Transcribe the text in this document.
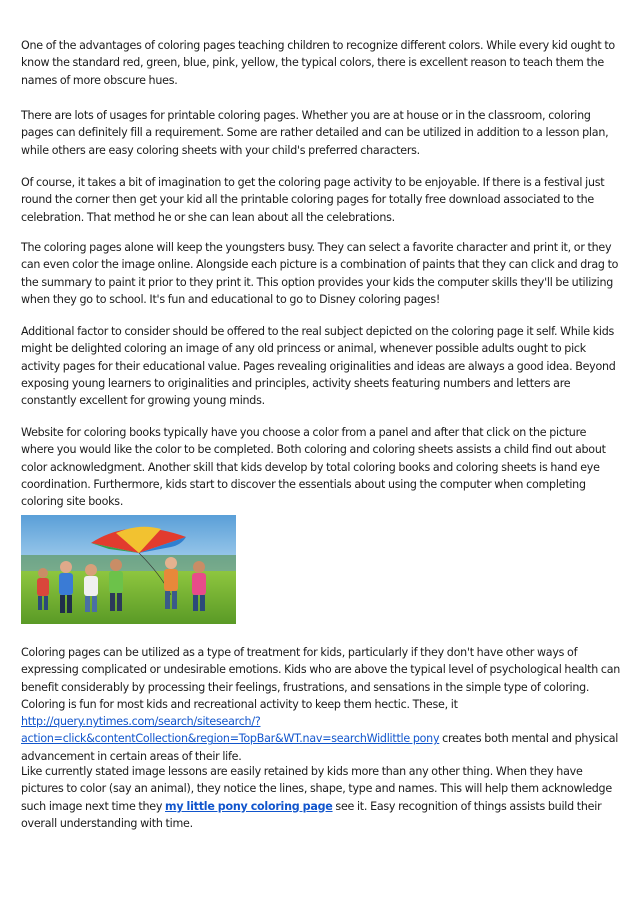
One of the advantages of coloring pages teaching children to recognize different colors. While every kid ought to know the standard red, green, blue, pink, yellow, the typical colors, there is excellent reason to teach them the names of more obscure hues.

There are lots of usages for printable coloring pages. Whether you are at house or in the classroom, coloring pages can definitely fill a requirement. Some are rather detailed and can be utilized in addition to a lesson plan, while others are easy coloring sheets with your child's preferred characters.

Of course, it takes a bit of imagination to get the coloring page activity to be enjoyable. If there is a festival just round the corner then get your kid all the printable coloring pages for totally free download associated to the celebration. That method he or she can lean about all the celebrations.

The coloring pages alone will keep the youngsters busy. They can select a favorite character and print it, or they can even color the image online. Alongside each picture is a combination of paints that they can click and drag to the summary to paint it prior to they print it. This option provides your kids the computer skills they'll be utilizing when they go to school. It's fun and educational to go to Disney coloring pages!

Additional factor to consider should be offered to the real subject depicted on the coloring page it self. While kids might be delighted coloring an image of any old princess or animal, whenever possible adults ought to pick activity pages for their educational value. Pages revealing originalities and ideas are always a good idea. Beyond exposing young learners to originalities and principles, activity sheets featuring numbers and letters are constantly excellent for growing young minds.

Website for coloring books typically have you choose a color from a panel and after that click on the picture where you would like the color to be completed. Both coloring and coloring sheets assists a child find out about color acknowledgment. Another skill that kids develop by total coloring books and coloring sheets is hand eye coordination. Furthermore, kids start to discover the essentials about using the computer when completing coloring site books.

Coloring pages can be utilized as a type of treatment for kids, particularly if they don't have other ways of expressing complicated or undesirable emotions. Kids who are above the typical level of psychological health can benefit considerably by processing their feelings, frustrations, and sensations in the simple type of coloring. Coloring is fun for most kids and recreational activity to keep them hectic. These, it http://query.nytimes.com/search/sitesearch/?action=click&contentCollection&region=TopBar&WT.nav=searchWidlittle pony creates both mental and physical advancement in certain areas of their life.

Like currently stated image lessons are easily retained by kids more than any other thing. When they have pictures to color (say an animal), they notice the lines, shape, type and names. This will help them acknowledge such image next time they my little pony coloring page see it. Easy recognition of things assists build their overall understanding with time.
